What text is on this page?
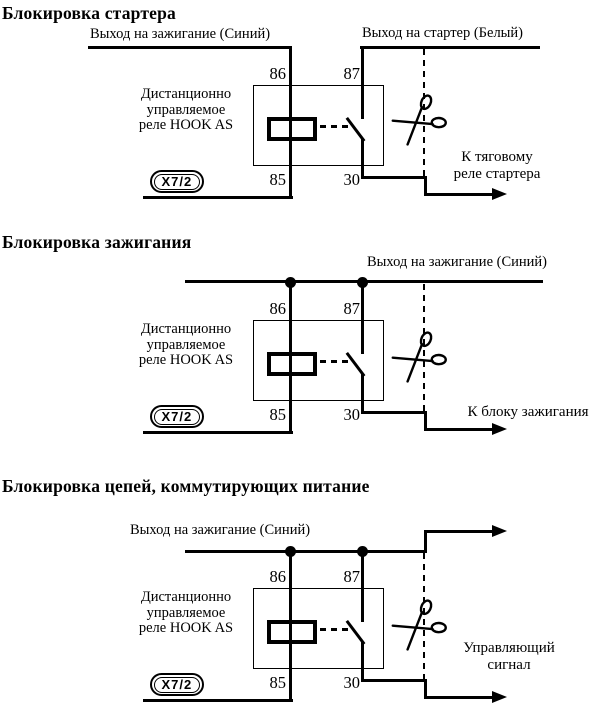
Блокировка стартера
Выход на зажигание (Синий)	Выход на стартер (Белый)
86	87
85	30
Дистанционно
управляемое
реле HOOK AS
X7/2
К тяговому
реле стартера
Блокировка зажигания
Выход на зажигание (Синий)
86	87
85	30
Дистанционно
управляемое
реле HOOK AS
X7/2	К блоку зажигания
Блокировка цепей, коммутирующих питание
Выход на зажигание (Синий)
86	87
85	30
Дистанционно
управляемое
реле HOOK AS
X7/2
Управляющий
сигнал
